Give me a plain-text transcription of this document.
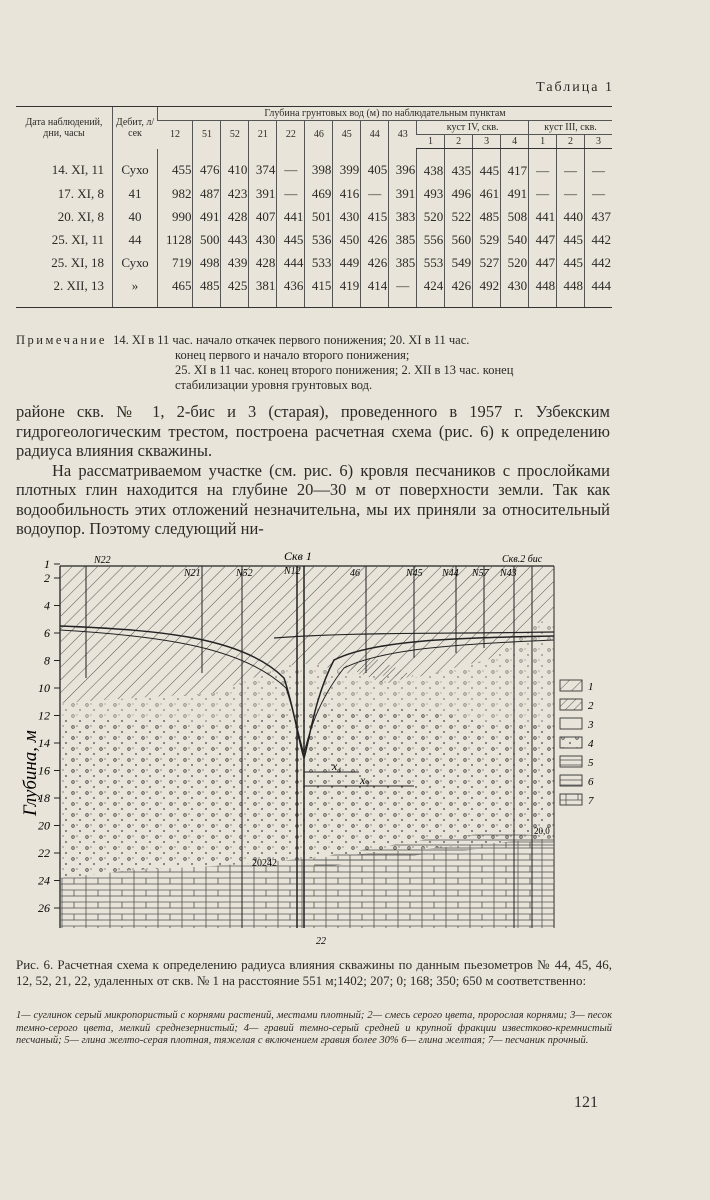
Таблица 1
Дата наблюдений, дни, часы	Дебит, л/сек	Глубина грунтовых вод (м) по наблюдательным пунктам															
		12	51	52	21	22	46	45	44	43	куст IV, скв.				куст III, скв.		
											1	2	3	4	1	2	3
14. XI, 11	Сухо	455	476	410	374	—	398	399	405	396	438	435	445	417	—	—	—
17. XI, 8	41	982	487	423	391	—	469	416	—	391	493	496	461	491	—	—	—
20. XI, 8	40	990	491	428	407	441	501	430	415	383	520	522	485	508	441	440	437
25. XI, 11	44	1128	500	443	430	445	536	450	426	385	556	560	529	540	447	445	442
25. XI, 18	Сухо	719	498	439	428	444	533	449	426	385	553	549	527	520	447	445	442
2. XII, 13	»	465	485	425	381	436	415	419	414	—	424	426	492	430	448	448	444
Примечание 14. XI в 11 час. начало откачек первого понижения; 20. XI в 11 час.
конец первого и начало второго понижения;
25. XI в 11 час. конец второго понижения; 2. XII в 13 час. конец
стабилизации уровня грунтовых вод.

районе скв. № 1, 2-бис и 3 (старая), проведенного в 1957 г. Узбекским гидрогеологическим трестом, построена расчетная схема (рис. 6) к определению радиуса влияния скважины.

На рассматриваемом участке (см. рис. 6) кровля песчаников с прослойками плотных глин находится на глубине 20—30 м от поверхности земли. Так как водообильность этих отложений незначительна, мы их приняли за относительный водоупор. Поэтому следующий ни-

x₁
x₂
1
2
4
6
8
10
12
14
16
18
20
22
24
26
Глубина, м
N22
N21	N52	N12	46	N45 N44 N57 N43
Скв 1	Скв.2 бис
20242
22
20,0
1
2
3
4
5
6
7
Рис. 6. Расчетная схема к определению радиуса влияния скважины по данным пьезометров № 44, 45, 46, 12, 52, 21, 22, удаленных от скв. № 1 на расстояние 551 м;1402; 207; 0; 168; 350; 650 м соответственно:
1— суглинок серый микропористый с корнями растений, местами плотный; 2— смесь серого цвета, пророслая корнями; 3— песок темно-серого цвета, мелкий среднезернистый; 4— гравий темно-серый средней и крупной фракции известково-кремнистый песчаный; 5— глина желто-серая плотная, тяжелая с включением гравия более 30% 6— глина желтая; 7— песчаник прочный.
121
